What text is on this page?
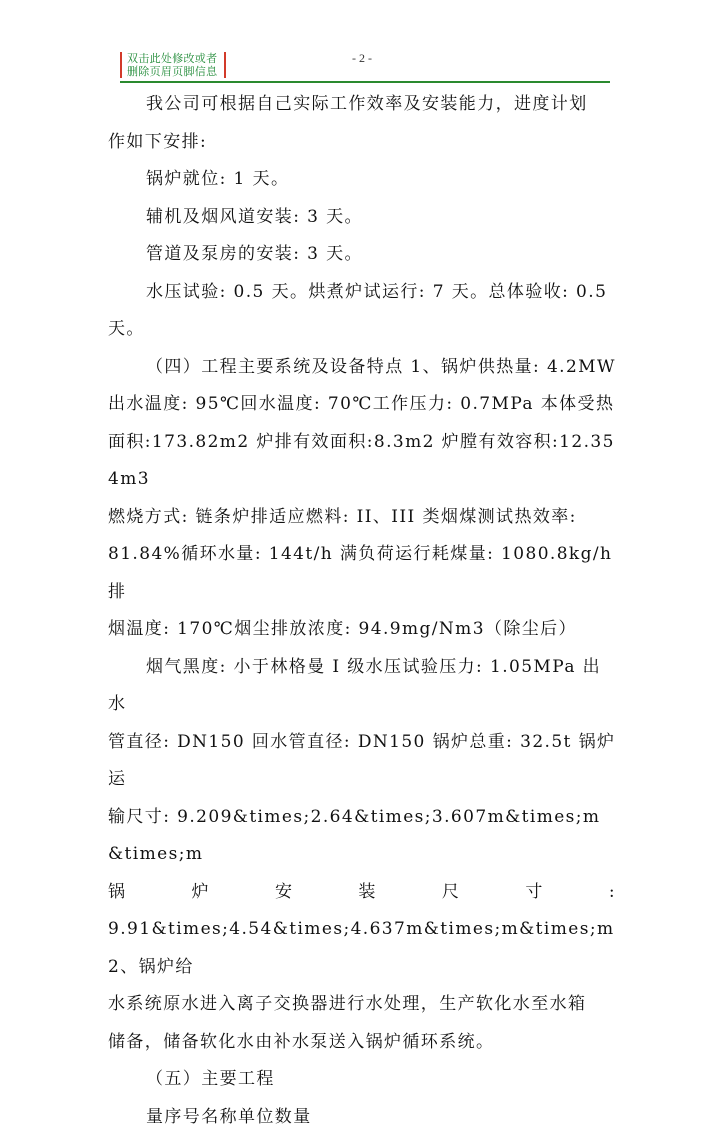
双击此处修改或者
删除页眉页脚信息
- 2 -

我公司可根据自己实际工作效率及安装能力，进度计划

作如下安排:

锅炉就位: 1 天。

辅机及烟风道安装: 3 天。

管道及泵房的安装: 3 天。

水压试验: 0.5 天。烘煮炉试运行: 7 天。总体验收: 0.5

天。

（四）工程主要系统及设备特点 1、锅炉供热量: 4.2MW

出水温度: 95℃回水温度: 70℃工作压力: 0.7MPa 本体受热

面积:173.82m2 炉排有效面积:8.3m2 炉膛有效容积:12.354m3

燃烧方式: 链条炉排适应燃料: II、III 类烟煤测试热效率:

81.84%循环水量: 144t/h 满负荷运行耗煤量: 1080.8kg/h 排

烟温度: 170℃烟尘排放浓度: 94.9mg/Nm3（除尘后）

烟气黑度: 小于林格曼 I 级水压试验压力: 1.05MPa 出水

管直径: DN150 回水管直径: DN150 锅炉总重: 32.5t 锅炉运

输尺寸: 9.209&times;2.64&times;3.607m&times;m&times;m

锅 炉 安 装 尺 寸 :

9.91&times;4.54&times;4.637m&times;m&times;m2、锅炉给

水系统原水进入离子交换器进行水处理，生产软化水至水箱

储备，储备软化水由补水泵送入锅炉循环系统。

（五）主要工程

量序号名称单位数量
